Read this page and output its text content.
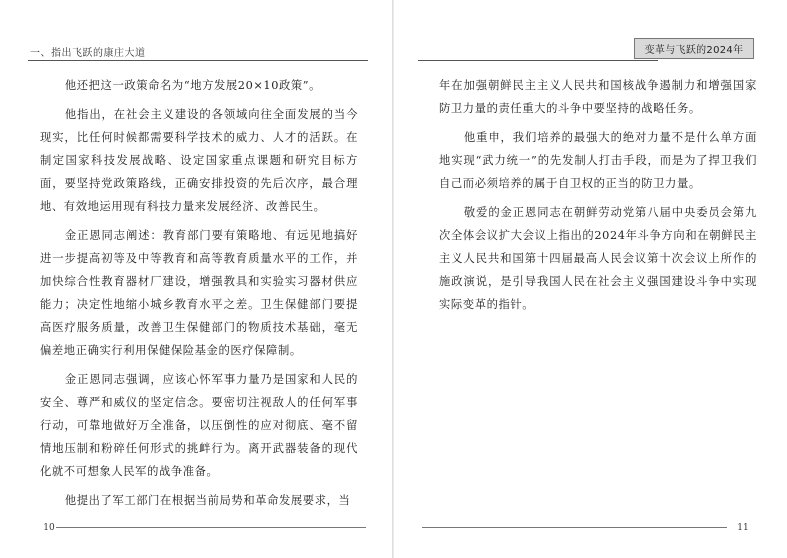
一、指出飞跃的康庄大道

他还把这一政策命名为“地方发展20×10政策”。

他指出，在社会主义建设的各领域向往全面发展的当今现实，比任何时候都需要科学技术的威力、人才的活跃。在制定国家科技发展战略、设定国家重点课题和研究目标方面，要坚持党政策路线，正确安排投资的先后次序，最合理地、有效地运用现有科技力量来发展经济、改善民生。

金正恩同志阐述：教育部门要有策略地、有远见地搞好进一步提高初等及中等教育和高等教育质量水平的工作，并加快综合性教育器材厂建设，增强教具和实验实习器材供应能力；决定性地缩小城乡教育水平之差。卫生保健部门要提高医疗服务质量，改善卫生保健部门的物质技术基础，毫无偏差地正确实行利用保健保险基金的医疗保障制。

金正恩同志强调，应该心怀军事力量乃是国家和人民的安全、尊严和威仪的坚定信念。要密切注视敌人的任何军事行动，可靠地做好万全准备，以压倒性的应对彻底、毫不留情地压制和粉碎任何形式的挑衅行为。离开武器装备的现代化就不可想象人民军的战争准备。

他提出了军工部门在根据当前局势和革命发展要求，当

10
变革与飞跃的2024年

年在加强朝鲜民主主义人民共和国核战争遏制力和增强国家防卫力量的责任重大的斗争中要坚持的战略任务。

他重申，我们培养的最强大的绝对力量不是什么单方面地实现“武力统一”的先发制人打击手段，而是为了捍卫我们自己而必须培养的属于自卫权的正当的防卫力量。

敬爱的金正恩同志在朝鲜劳动党第八届中央委员会第九次全体会议扩大会议上指出的2024年斗争方向和在朝鲜民主主义人民共和国第十四届最高人民会议第十次会议上所作的施政演说，是引导我国人民在社会主义强国建设斗争中实现实际变革的指针。

11
